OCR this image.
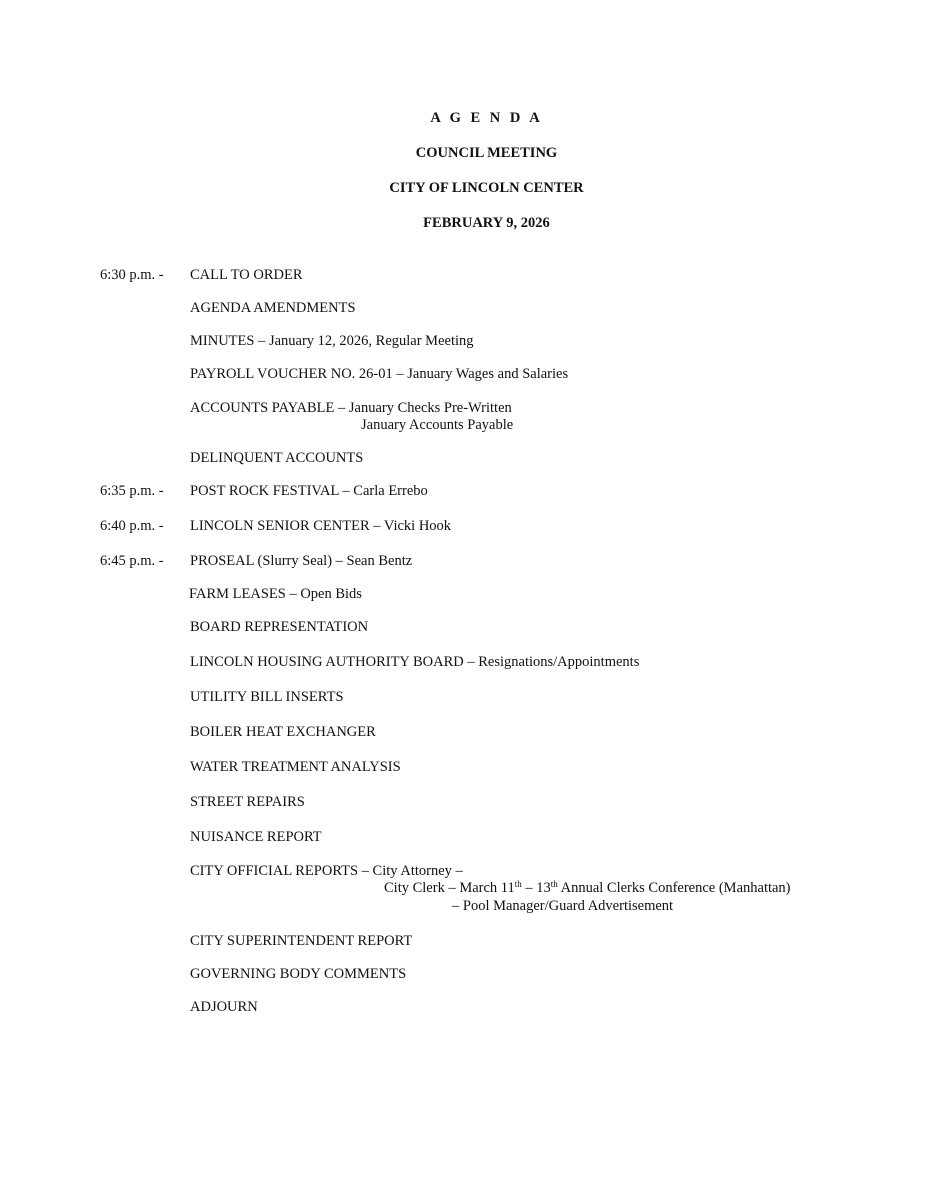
A G E N D A
COUNCIL MEETING
CITY OF LINCOLN CENTER
FEBRUARY 9, 2026
6:30 p.m. - CALL TO ORDER
AGENDA AMENDMENTS
MINUTES – January 12, 2026, Regular Meeting
PAYROLL VOUCHER NO. 26-01 – January Wages and Salaries
ACCOUNTS PAYABLE – January Checks Pre-Written
January Accounts Payable
DELINQUENT ACCOUNTS
6:35 p.m. - POST ROCK FESTIVAL – Carla Errebo
6:40 p.m. - LINCOLN SENIOR CENTER – Vicki Hook
6:45 p.m. - PROSEAL (Slurry Seal) – Sean Bentz
FARM LEASES – Open Bids
BOARD REPRESENTATION
LINCOLN HOUSING AUTHORITY BOARD – Resignations/Appointments
UTILITY BILL INSERTS
BOILER HEAT EXCHANGER
WATER TREATMENT ANALYSIS
STREET REPAIRS
NUISANCE REPORT
CITY OFFICIAL REPORTS – City Attorney –
City Clerk – March 11th – 13th Annual Clerks Conference (Manhattan)
– Pool Manager/Guard Advertisement
CITY SUPERINTENDENT REPORT
GOVERNING BODY COMMENTS
ADJOURN
